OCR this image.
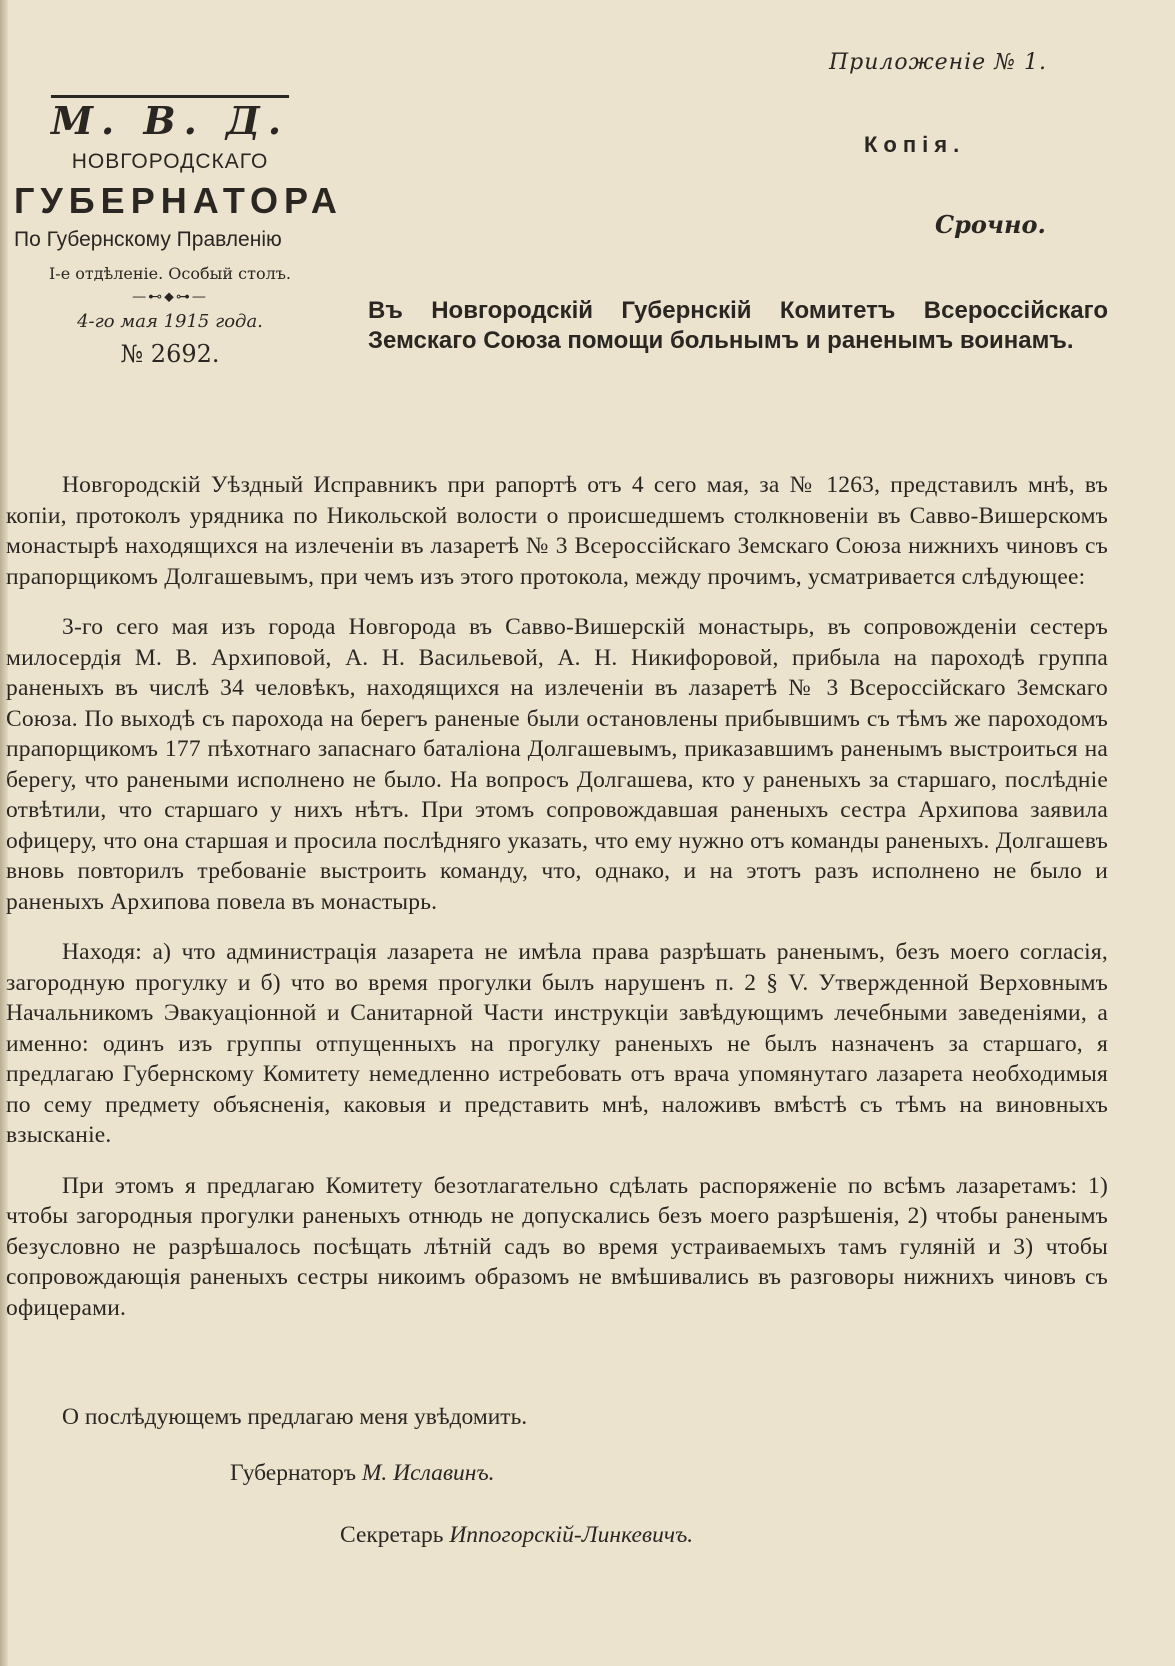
Приложеніе № 1.
М. В. Д.
НОВГОРОДСКАГО
ГУБЕРНАТОРА
По Губернскому Правленію
I-е отдѣленіе. Особый столъ.
—⊷⬥⊶—
4-го мая 1915 года.
№ 2692.
Копія.
Срочно.
Въ Новгородскій Губернскій Комитетъ Всероссійскаго Земскаго Союза помощи больнымъ и раненымъ воинамъ.

Новгородскій Уѣздный Исправникъ при рапортѣ отъ 4 сего мая, за № 1263, представилъ мнѣ, въ копіи, протоколъ урядника по Никольской волости о происшедшемъ столкновеніи въ Савво-Вишерскомъ монастырѣ находящихся на излеченіи въ лазаретѣ № 3 Всероссійскаго Земскаго Союза нижнихъ чиновъ съ прапорщикомъ Долгашевымъ, при чемъ изъ этого протокола, между прочимъ, усматривается слѣдующее:

3-го сего мая изъ города Новгорода въ Савво-Вишерскій монастырь, въ сопровожденіи сестеръ милосердія М. В. Архиповой, А. Н. Васильевой, А. Н. Никифоровой, прибыла на пароходѣ группа раненыхъ въ числѣ 34 человѣкъ, находящихся на излеченіи въ лазаретѣ № 3 Всероссійскаго Земскаго Союза. По выходѣ съ парохода на берегъ раненые были остановлены прибывшимъ съ тѣмъ же пароходомъ прапорщикомъ 177 пѣхотнаго запаснаго баталіона Долгашевымъ, приказавшимъ раненымъ выстроиться на берегу, что ранеными исполнено не было. На вопросъ Долгашева, кто у раненыхъ за старшаго, послѣдніе отвѣтили, что старшаго у нихъ нѣтъ. При этомъ сопровождавшая раненыхъ сестра Архипова заявила офицеру, что она старшая и просила послѣдняго указать, что ему нужно отъ команды раненыхъ. Долгашевъ вновь повторилъ требованіе выстроить команду, что, однако, и на этотъ разъ исполнено не было и раненыхъ Архипова повела въ монастырь.

Находя: а) что администрація лазарета не имѣла права разрѣшать раненымъ, безъ моего согласія, загородную прогулку и б) что во время прогулки былъ нарушенъ п. 2 § V. Утвержденной Верховнымъ Начальникомъ Эвакуаціонной и Санитарной Части инструкціи завѣдующимъ лечебными заведеніями, а именно: одинъ изъ группы отпущенныхъ на прогулку раненыхъ не былъ назначенъ за старшаго, я предлагаю Губернскому Комитету немедленно истребовать отъ врача упомянутаго лазарета необходимыя по сему предмету объясненія, каковыя и представить мнѣ, наложивъ вмѣстѣ съ тѣмъ на виновныхъ взысканіе.

При этомъ я предлагаю Комитету безотлагательно сдѣлать распоряженіе по всѣмъ лазаретамъ: 1) чтобы загородныя прогулки раненыхъ отнюдь не допускались безъ моего разрѣшенія, 2) чтобы раненымъ безусловно не разрѣшалось посѣщать лѣтній садъ во время устраиваемыхъ тамъ гуляній и 3) чтобы сопровождающія раненыхъ сестры никоимъ образомъ не вмѣшивались въ разговоры нижнихъ чиновъ съ офицерами.

О послѣдующемъ предлагаю меня увѣдомить.
Губернаторъ М. Иславинъ.
Секретарь Иппогорскій-Линкевичъ.
